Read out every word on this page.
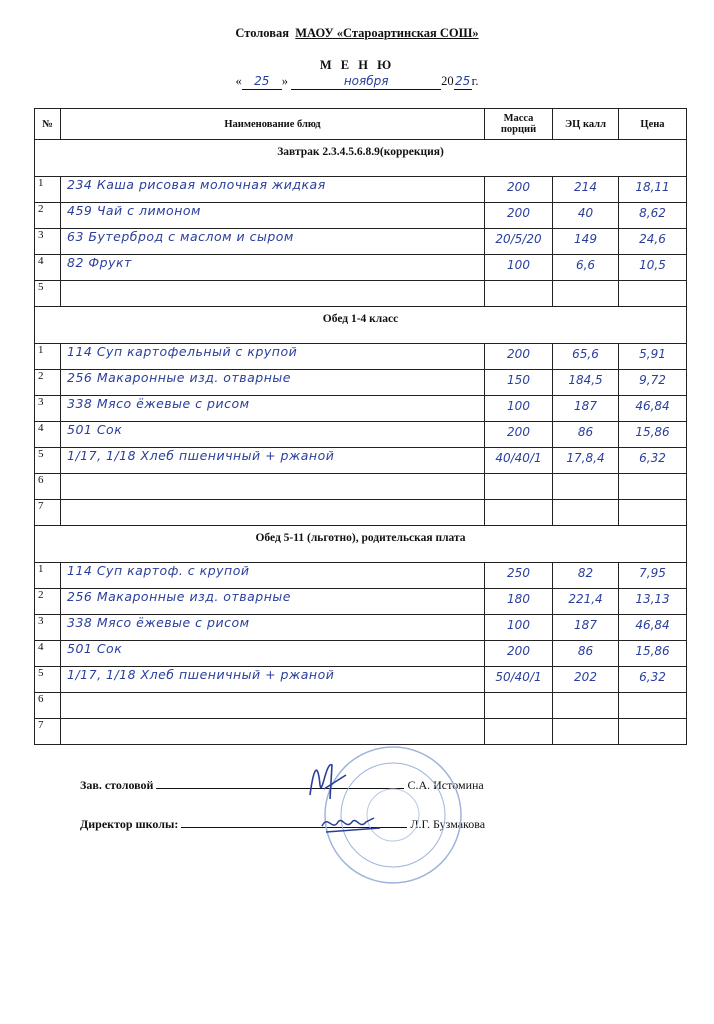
Столовая МАОУ «Староартинская СОШ»
М Е Н Ю
« 25 »	ноября	2025г.
№	Наименование блюд	Масса порций	ЭЦ калл	Цена
Завтрак 2.3.4.5.6.8.9(коррекция)				
1	234 Каша рисовая молочная жидкая	200	214	18,11
2	459 Чай с лимоном	200	40	8,62
3	63 Бутерброд с маслом и сыром	20/5/20	149	24,6
4	82 Фрукт	100	6,6	10,5
5				
Обед 1-4 класс				
1	114 Суп картофельный с крупой	200	65,6	5,91
2	256 Макаронные изд. отварные	150	184,5	9,72
3	338 Мясо ёжевые с рисом	100	187	46,84
4	501 Сок	200	86	15,86
5	1/17, 1/18 Хлеб пшеничный + ржаной	40/40/1	17,8,4	6,32
6				
7				
Обед 5-11 (льготно), родительская плата				
1	114 Суп картоф. с крупой	250	82	7,95
2	256 Макаронные изд. отварные	180	221,4	13,13
3	338 Мясо ёжевые с рисом	100	187	46,84
4	501 Сок	200	86	15,86
5	1/17, 1/18 Хлеб пшеничный + ржаной	50/40/1	202	6,32
6				
7				
Зав. столовой	С.А. Истомина
Директор школы:	Л.Г. Бузмакова
